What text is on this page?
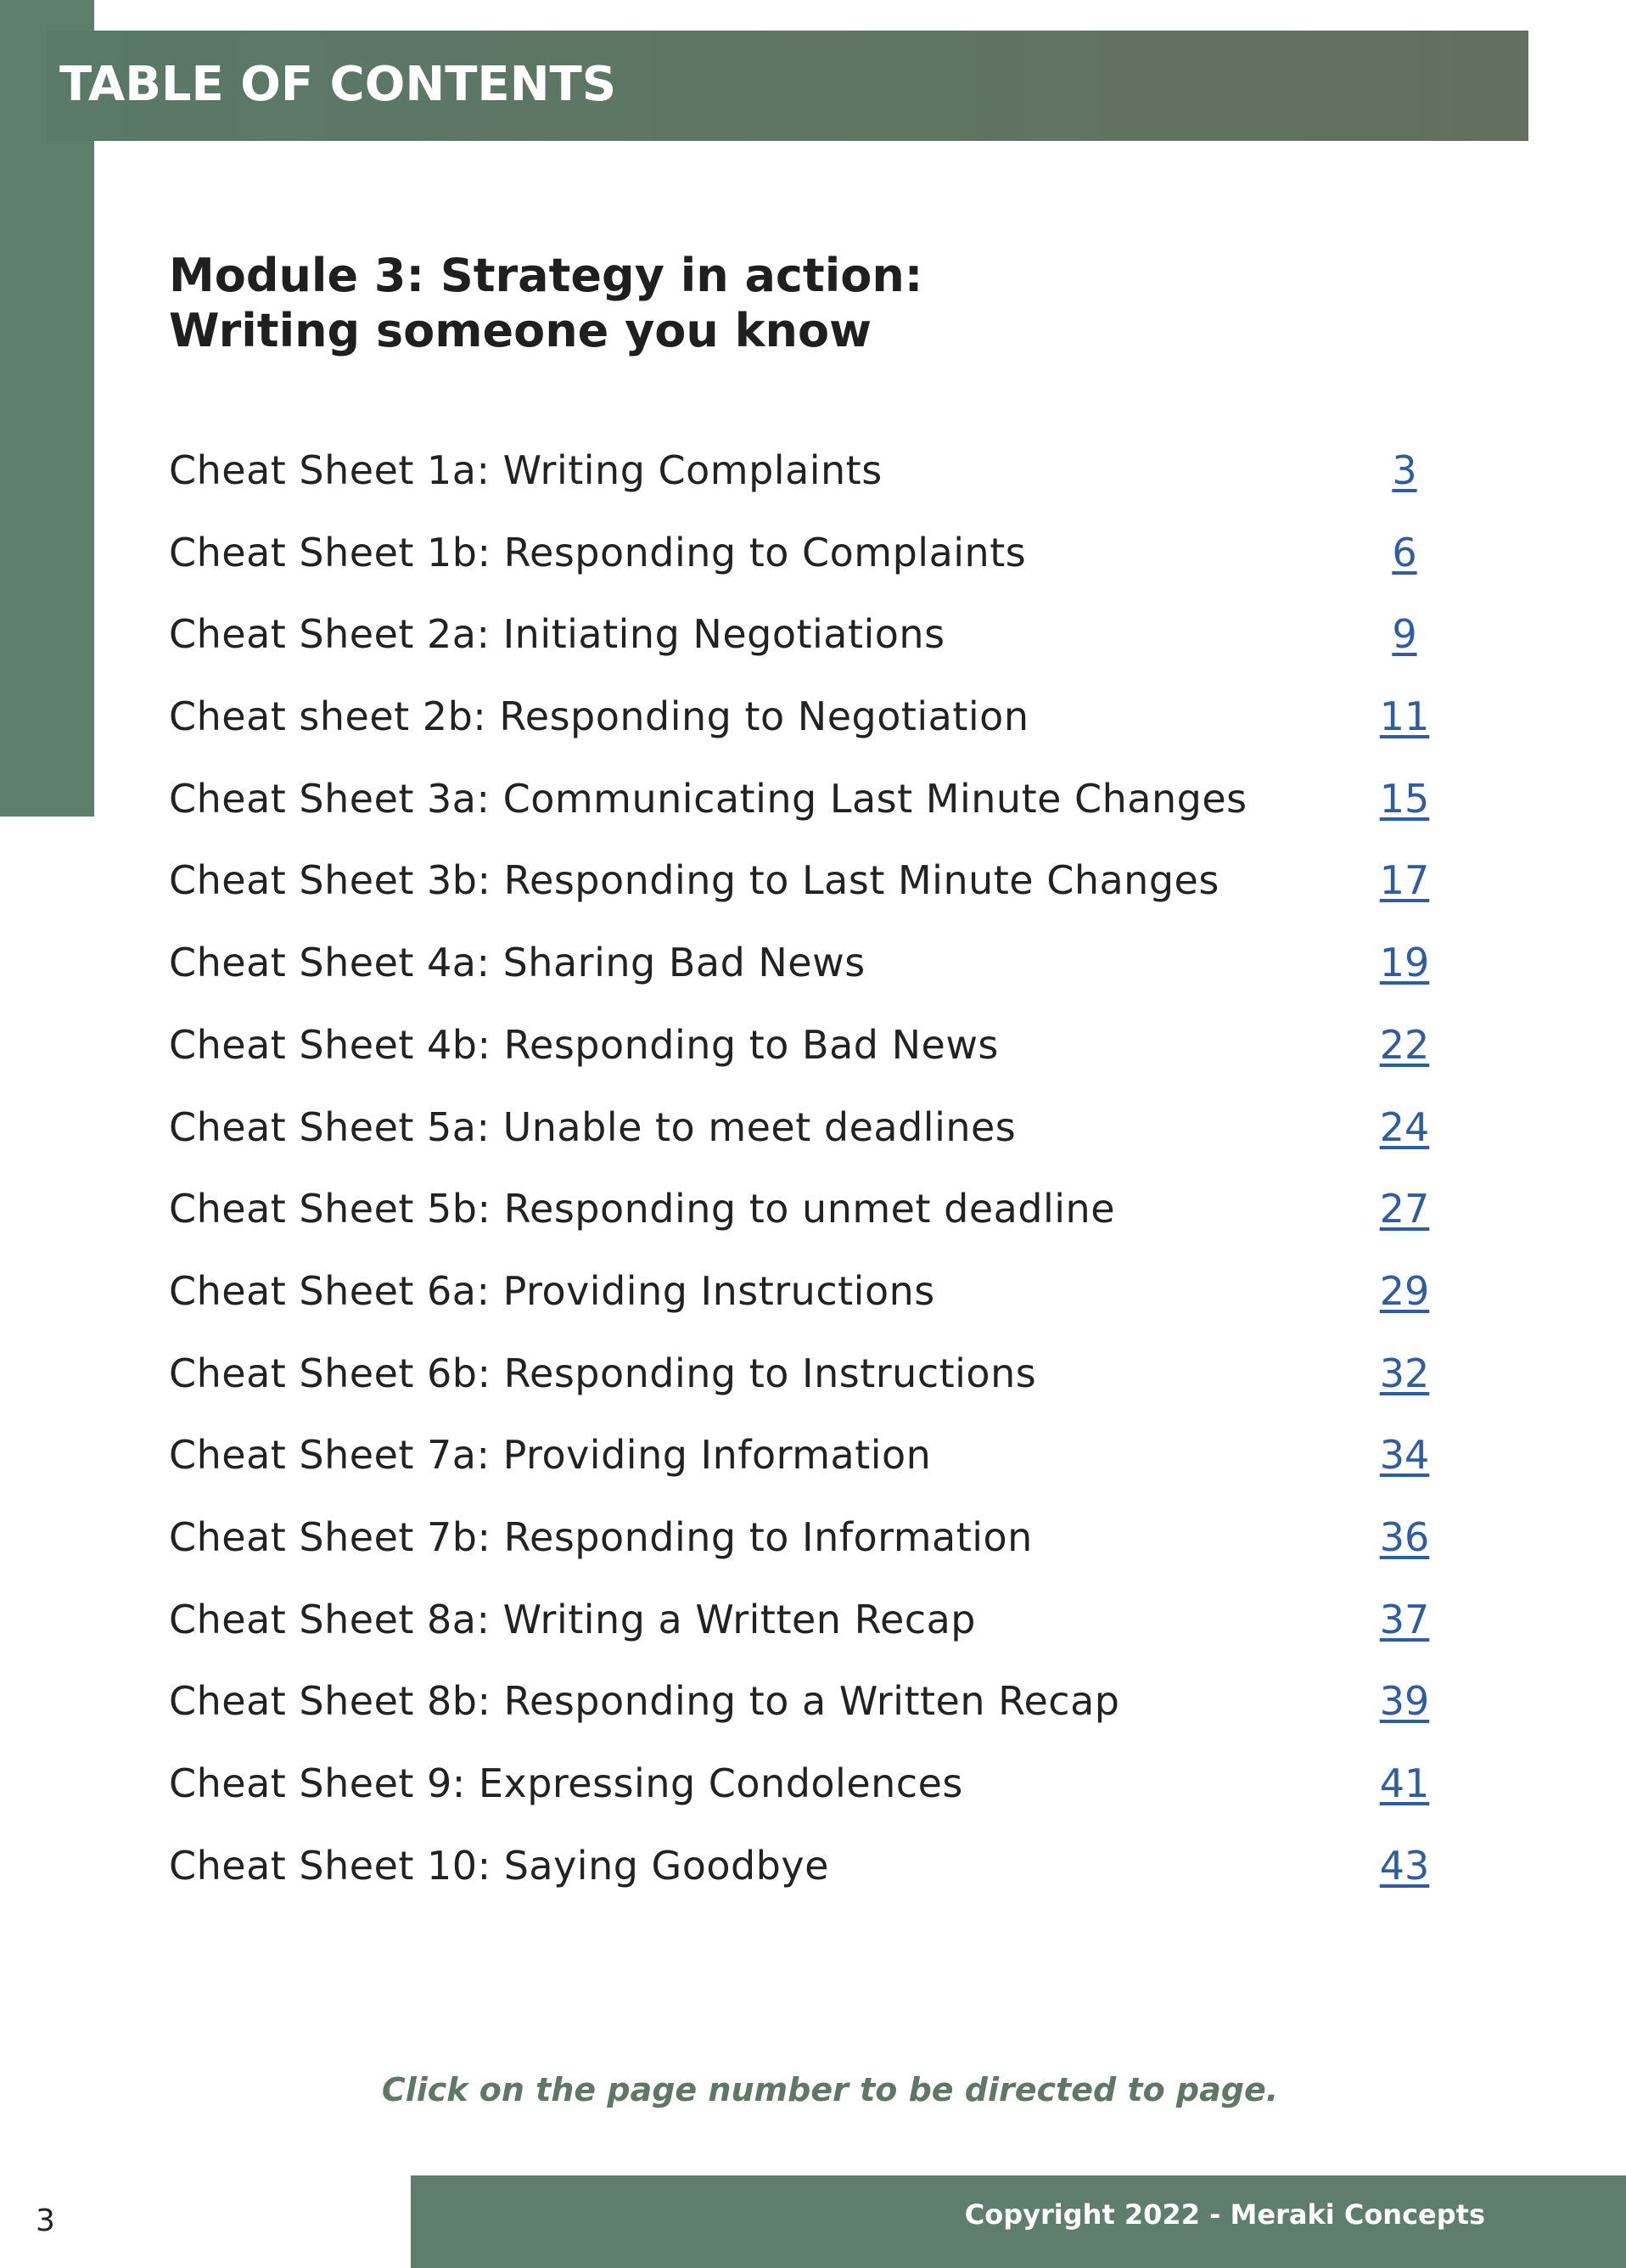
TABLE OF CONTENTS
Module 3: Strategy in action:
Writing someone you know
Cheat Sheet 1a: Writing Complaints	3
Cheat Sheet 1b: Responding to Complaints	6
Cheat Sheet 2a: Initiating Negotiations	9
Cheat sheet 2b: Responding to Negotiation	11
Cheat Sheet 3a: Communicating Last Minute Changes	15
Cheat Sheet 3b: Responding to Last Minute Changes	17
Cheat Sheet 4a: Sharing Bad News	19
Cheat Sheet 4b: Responding to Bad News	22
Cheat Sheet 5a: Unable to meet deadlines	24
Cheat Sheet 5b: Responding to unmet deadline	27
Cheat Sheet 6a: Providing Instructions	29
Cheat Sheet 6b: Responding to Instructions	32
Cheat Sheet 7a: Providing Information	34
Cheat Sheet 7b: Responding to Information	36
Cheat Sheet 8a: Writing a Written Recap	37
Cheat Sheet 8b: Responding to a Written Recap	39
Cheat Sheet 9: Expressing Condolences	41
Cheat Sheet 10: Saying Goodbye	43
Click on the page number to be directed to page.
3	Copyright 2022 - Meraki Concepts
